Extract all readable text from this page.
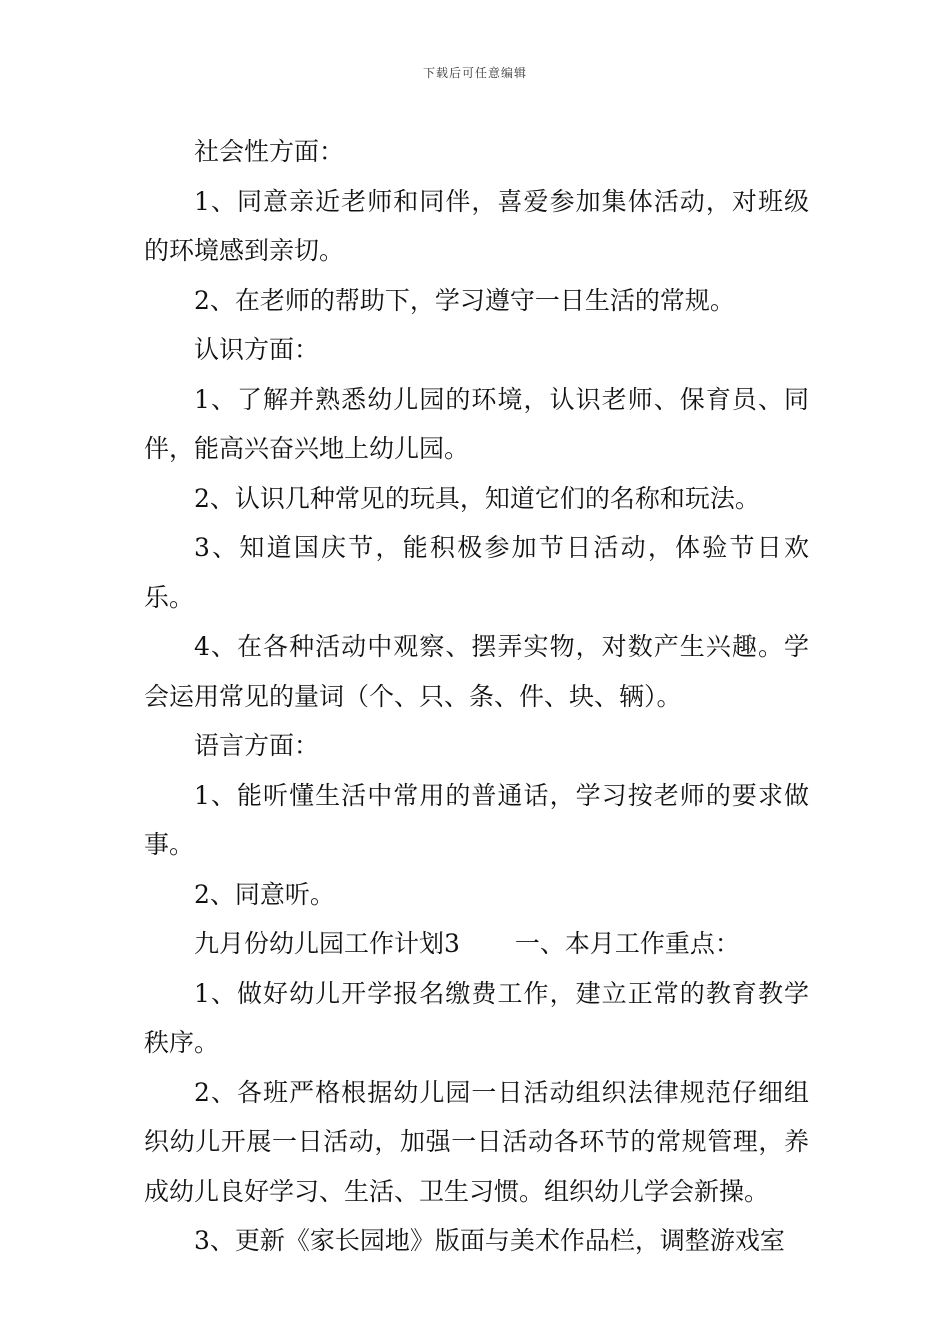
下载后可任意编辑

社会性方面：

1、同意亲近老师和同伴，喜爱参加集体活动，对班级的环境感到亲切。

2、在老师的帮助下，学习遵守一日生活的常规。

认识方面：

1、了解并熟悉幼儿园的环境，认识老师、保育员、同伴，能高兴奋兴地上幼儿园。

2、认识几种常见的玩具，知道它们的名称和玩法。

3、知道国庆节，能积极参加节日活动，体验节日欢乐。

4、在各种活动中观察、摆弄实物，对数产生兴趣。学会运用常见的量词（个、只、条、件、块、辆）。

语言方面：

1、能听懂生活中常用的普通话，学习按老师的要求做事。

2、同意听。

九月份幼儿园工作计划3 一、本月工作重点：

1、做好幼儿开学报名缴费工作，建立正常的教育教学秩序。

2、各班严格根据幼儿园一日活动组织法律规范仔细组织幼儿开展一日活动，加强一日活动各环节的常规管理，养成幼儿良好学习、生活、卫生习惯。组织幼儿学会新操。

3、更新《家长园地》版面与美术作品栏，调整游戏室
